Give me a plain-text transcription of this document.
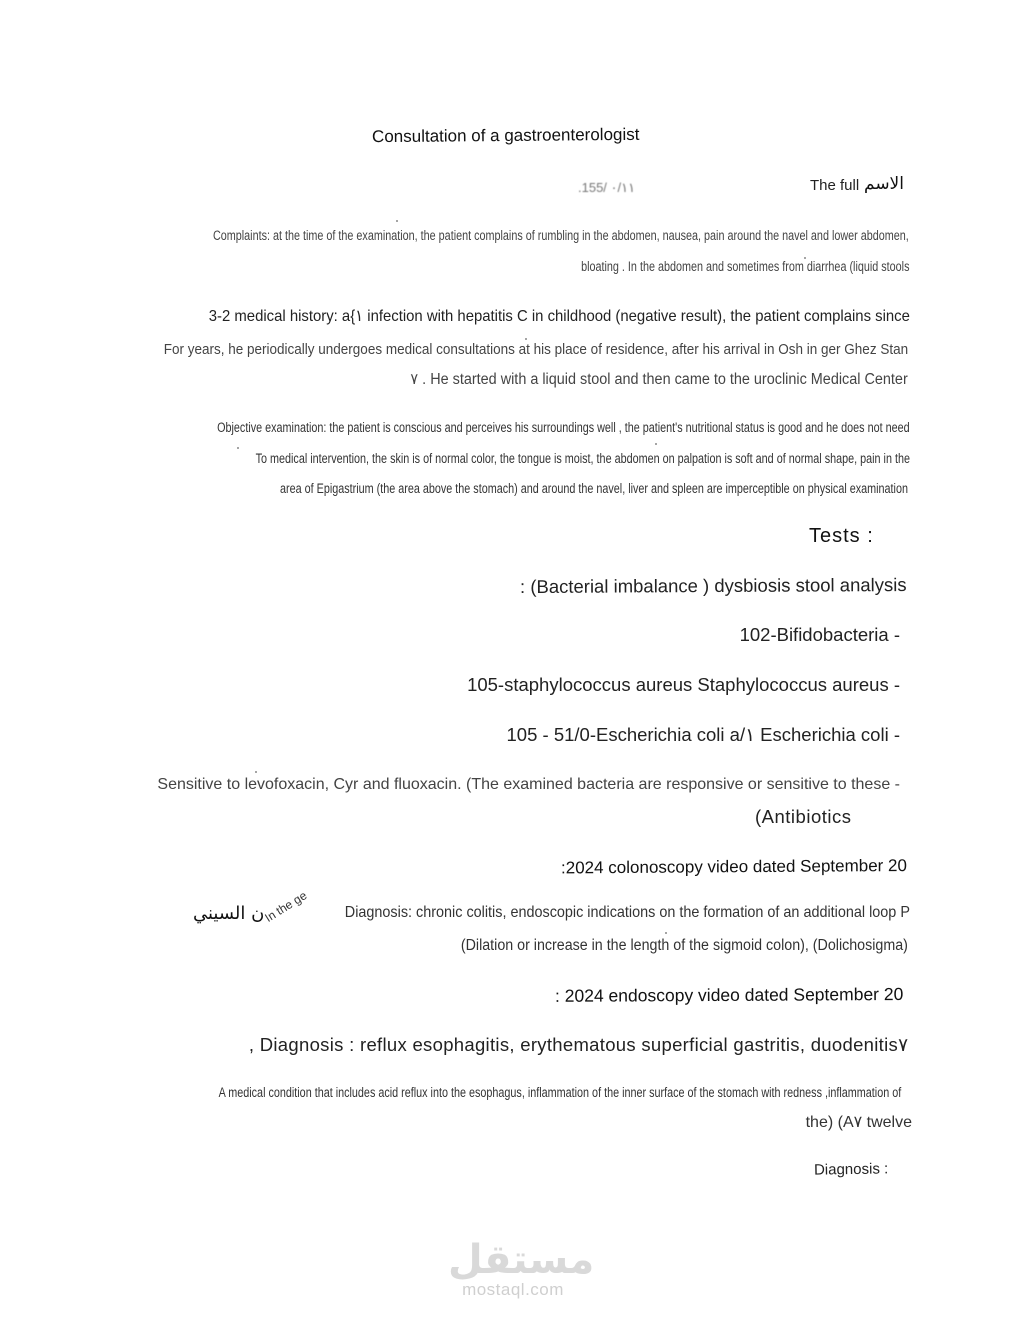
Consultation of a gastroenterologist
.155/ ٠/١١	The full الاسم
Complaints: at the time of the examination, the patient complains of rumbling in the abdomen, nausea, pain around the navel and lower abdomen,
bloating . In the abdomen and sometimes from diarrhea (liquid stools
3-2 medical history: a{١ infection with hepatitis C in childhood (negative result), the patient complains since
For years, he periodically undergoes medical consultations at his place of residence, after his arrival in Osh in ger Ghez Stan
٧ . He started with a liquid stool and then came to the uroclinic Medical Center
Objective examination: the patient is conscious and perceives his surroundings well , the patient's nutritional status is good and he does not need
To medical intervention, the skin is of normal color, the tongue is moist, the abdomen on palpation is soft and of normal shape, pain in the
area of Epigastrium (the area above the stomach) and around the navel, liver and spleen are imperceptible on physical examination
Tests :
: (Bacterial imbalance ) dysbiosis stool analysis
102-Bifidobacteria -
105-staphylococcus aureus Staphylococcus aureus -
105 - 51/0-Escherichia coli a/١ Escherichia coli -
Sensitive to levofoxacin, Cyr and fluoxacin. (The examined bacteria are responsive or sensitive to these -
(Antibiotics
:2024 colonoscopy video dated September 20
ن السيني
In the ge Diagnosis: chronic colitis, endoscopic indications on the formation of an additional loop P
(Dilation or increase in the length of the sigmoid colon), (Dolichosigma)
: 2024 endoscopy video dated September 20
, Diagnosis : reflux esophagitis, erythematous superficial gastritis, duodenitis٧
A medical condition that includes acid reflux into the esophagus, inflammation of the inner surface of the stomach with redness ,inflammation of
the) (A٧ twelve
Diagnosis :
مستقل
mostaql.com
